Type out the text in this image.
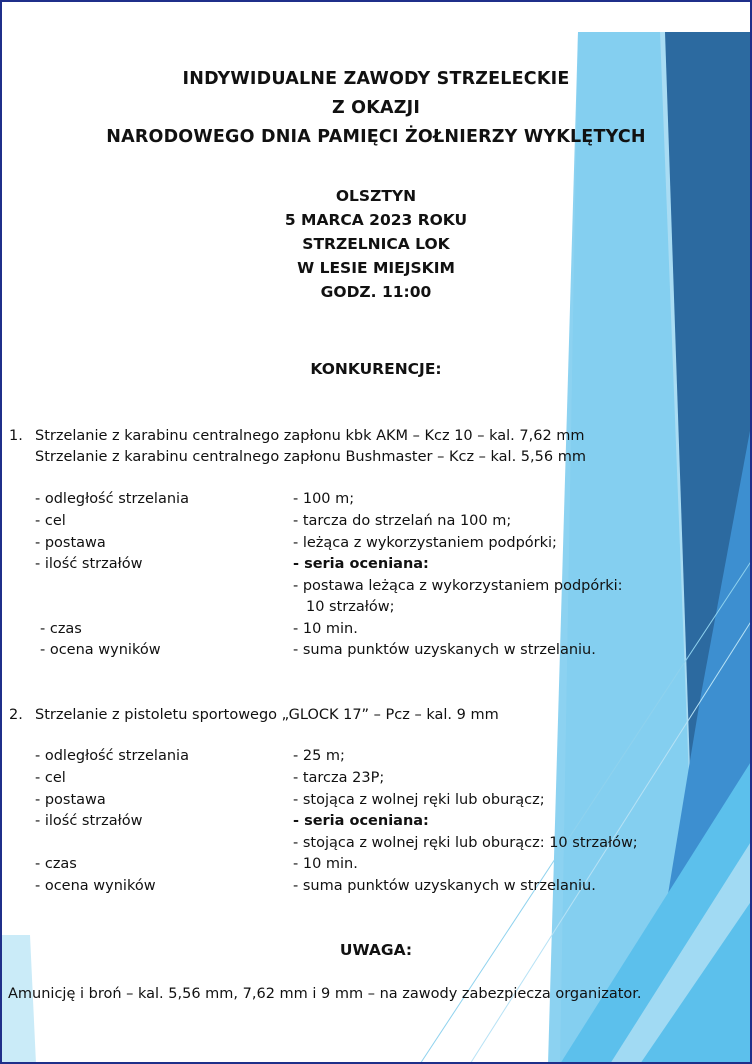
INDYWIDUALNE ZAWODY STRZELECKIE
Z OKAZJI
NARODOWEGO DNIA PAMIĘCI ŻOŁNIERZY WYKLĘTYCH
OLSZTYN
5 MARCA 2023 ROKU
STRZELNICA LOK
W LESIE MIEJSKIM
GODZ. 11:00
KONKURENCJE:
1. Strzelanie z karabinu centralnego zapłonu kbk AKM – Kcz 10 – kal. 7,62 mm
Strzelanie z karabinu centralnego zapłonu Bushmaster – Kcz – kal. 5,56 mm
- odległość strzelania	- 100 m;
- cel	- tarcza do strzelań na 100 m;
- postawa	- leżąca z wykorzystaniem podpórki;
- ilość strzałów	- seria oceniana:
- postawa leżąca z wykorzystaniem podpórki:
10 strzałów;
- czas	- 10 min.
- ocena wyników	- suma punktów uzyskanych w strzelaniu.
2. Strzelanie z pistoletu sportowego „GLOCK 17” – Pcz – kal. 9 mm
- odległość strzelania	- 25 m;
- cel	- tarcza 23P;
- postawa	- stojąca z wolnej ręki lub oburącz;
- ilość strzałów	- seria oceniana:
- stojąca z wolnej ręki lub oburącz: 10 strzałów;
- czas	- 10 min.
- ocena wyników	- suma punktów uzyskanych w strzelaniu.
UWAGA:
Amunicję i broń – kal. 5,56 mm, 7,62 mm i 9 mm – na zawody zabezpiecza organizator.
